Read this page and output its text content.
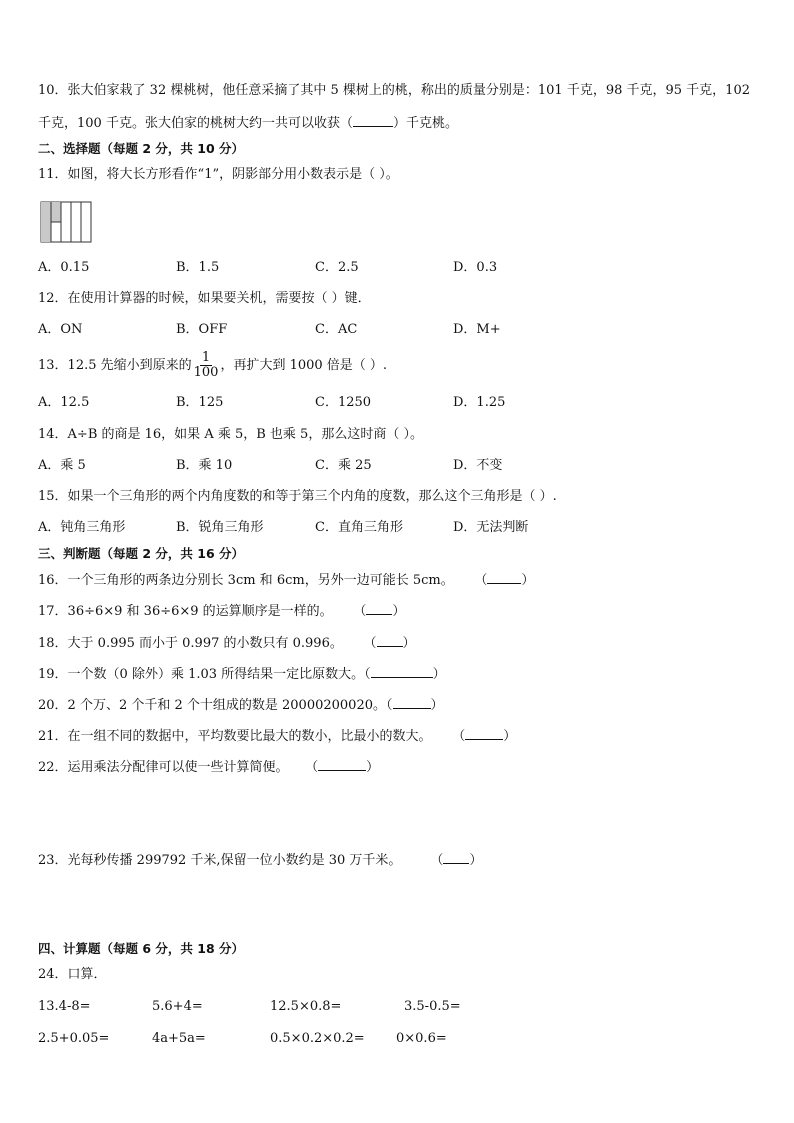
10．张大伯家栽了 32 棵桃树，他任意采摘了其中 5 棵树上的桃，称出的质量分别是：101 千克，98 千克，95 千克，102
千克，100 千克。张大伯家的桃树大约一共可以收获（	）千克桃。
二、选择题（每题 2 分，共 10 分）
11．如图，将大长方形看作“1”，阴影部分用小数表示是（ ）。
A．0.15	B．1.5	C．2.5	D．0.3
12．在使用计算器的时候，如果要关机，需要按（ ）键．
A．ON	B．OFF	C．AC	D．M+
13．12.5 先缩小到原来的 $\frac{1}{100}$ ，再扩大到 1000 倍是（ ）.
A．12.5	B．125	C．1250	D．1.25
14．A÷B 的商是 16，如果 A 乘 5，B 也乘 5，那么这时商（ ）。
A．乘 5	B．乘 10	C．乘 25	D．不变
15．如果一个三角形的两个内角度数的和等于第三个内角的度数，那么这个三角形是（ ）.
A．钝角三角形	B．锐角三角形	C．直角三角形	D．无法判断
三、判断题（每题 2 分，共 16 分）
16．一个三角形的两条边分别长 3cm 和 6cm，另外一边可能长 5cm。 （	）
17．36÷6×9 和 36÷6×9 的运算顺序是一样的。 （ ）
18．大于 0.995 而小于 0.997 的小数只有 0.996。 （ ）
19．一个数（0 除外）乘 1.03 所得结果一定比原数大。（	）
20．2 个万、2 个千和 2 个十组成的数是 20000200020。（	）
21．在一组不同的数据中，平均数要比最大的数小，比最小的数大。 （	）
22．运用乘法分配律可以使一些计算简便。 （	）
23．光每秒传播 299792 千米,保留一位小数约是 30 万千米。 （ ）
四、计算题（每题 6 分，共 18 分）
24．口算．
13.4-8=	5.6+4=	12.5×0.8=	3.5-0.5=
2.5+0.05=	4a+5a=	0.5×0.2×0.2= 0×0.6=
